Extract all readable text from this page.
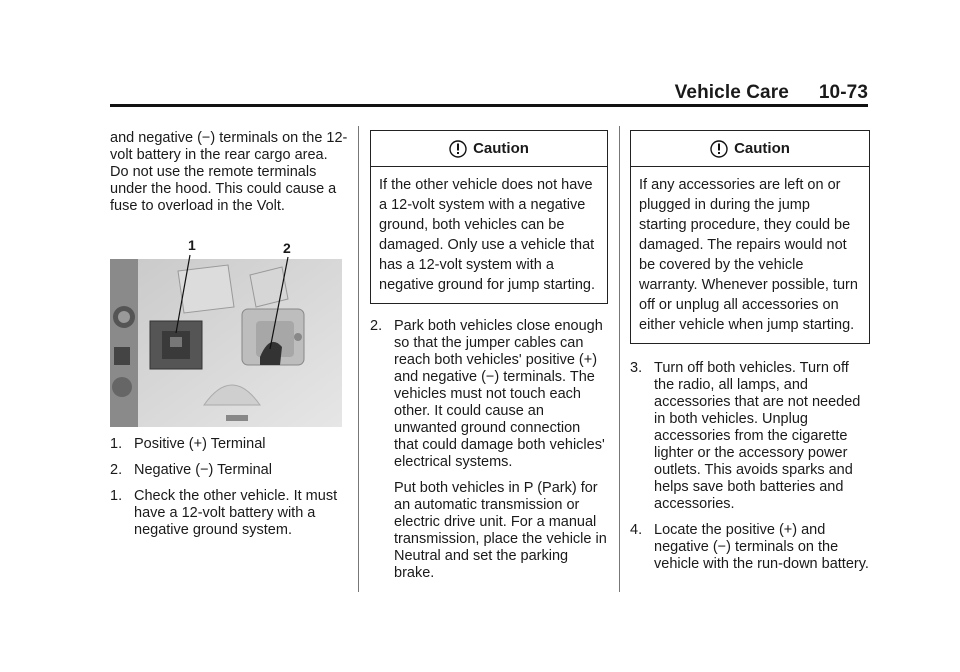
Vehicle Care 10-73

and negative (−) terminals on the 12-volt battery in the rear cargo area. Do not use the remote terminals under the hood. This could cause a fuse to overload in the Volt.

1	2

1. Positive (+) Terminal

2. Negative (−) Terminal

1. Check the other vehicle. It must have a 12-volt battery with a negative ground system.

Caution
If the other vehicle does not have a 12-volt system with a negative ground, both vehicles can be damaged. Only use a vehicle that has a 12-volt system with a negative ground for jump starting.

2. Park both vehicles close enough so that the jumper cables can reach both vehicles' positive (+) and negative (−) terminals. The vehicles must not touch each other. It could cause an unwanted ground connection that could damage both vehicles' electrical systems.

Put both vehicles in P (Park) for an automatic transmission or electric drive unit. For a manual transmission, place the vehicle in Neutral and set the parking brake.

Caution
If any accessories are left on or plugged in during the jump starting procedure, they could be damaged. The repairs would not be covered by the vehicle warranty. Whenever possible, turn off or unplug all accessories on either vehicle when jump starting.

3. Turn off both vehicles. Turn off the radio, all lamps, and accessories that are not needed in both vehicles. Unplug accessories from the cigarette lighter or the accessory power outlets. This avoids sparks and helps save both batteries and accessories.

4. Locate the positive (+) and negative (−) terminals on the vehicle with the run-down battery.
